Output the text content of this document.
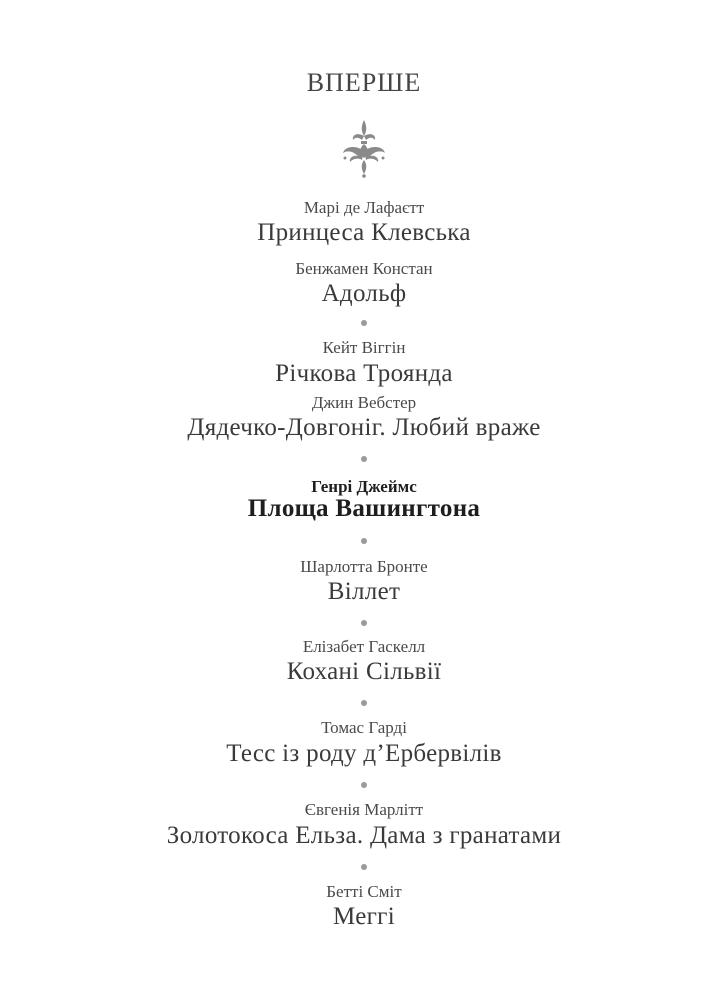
ВПЕРШЕ
Марі де Лафаєтт
Принцеса Клевська
Бенжамен Констан
Адольф
Кейт Віггін
Річкова Троянда
Джин Вебстер
Дядечко-Довгоніг. Любий враже
Генрі Джеймс
Площа Вашингтона
Шарлотта Бронте
Віллет
Елізабет Гаскелл
Кохані Сільвії
Томас Гарді
Тесс із роду д’Ербервілів
Євгенія Марлітт
Золотокоса Ельза. Дама з гранатами
Бетті Сміт
Меггі
